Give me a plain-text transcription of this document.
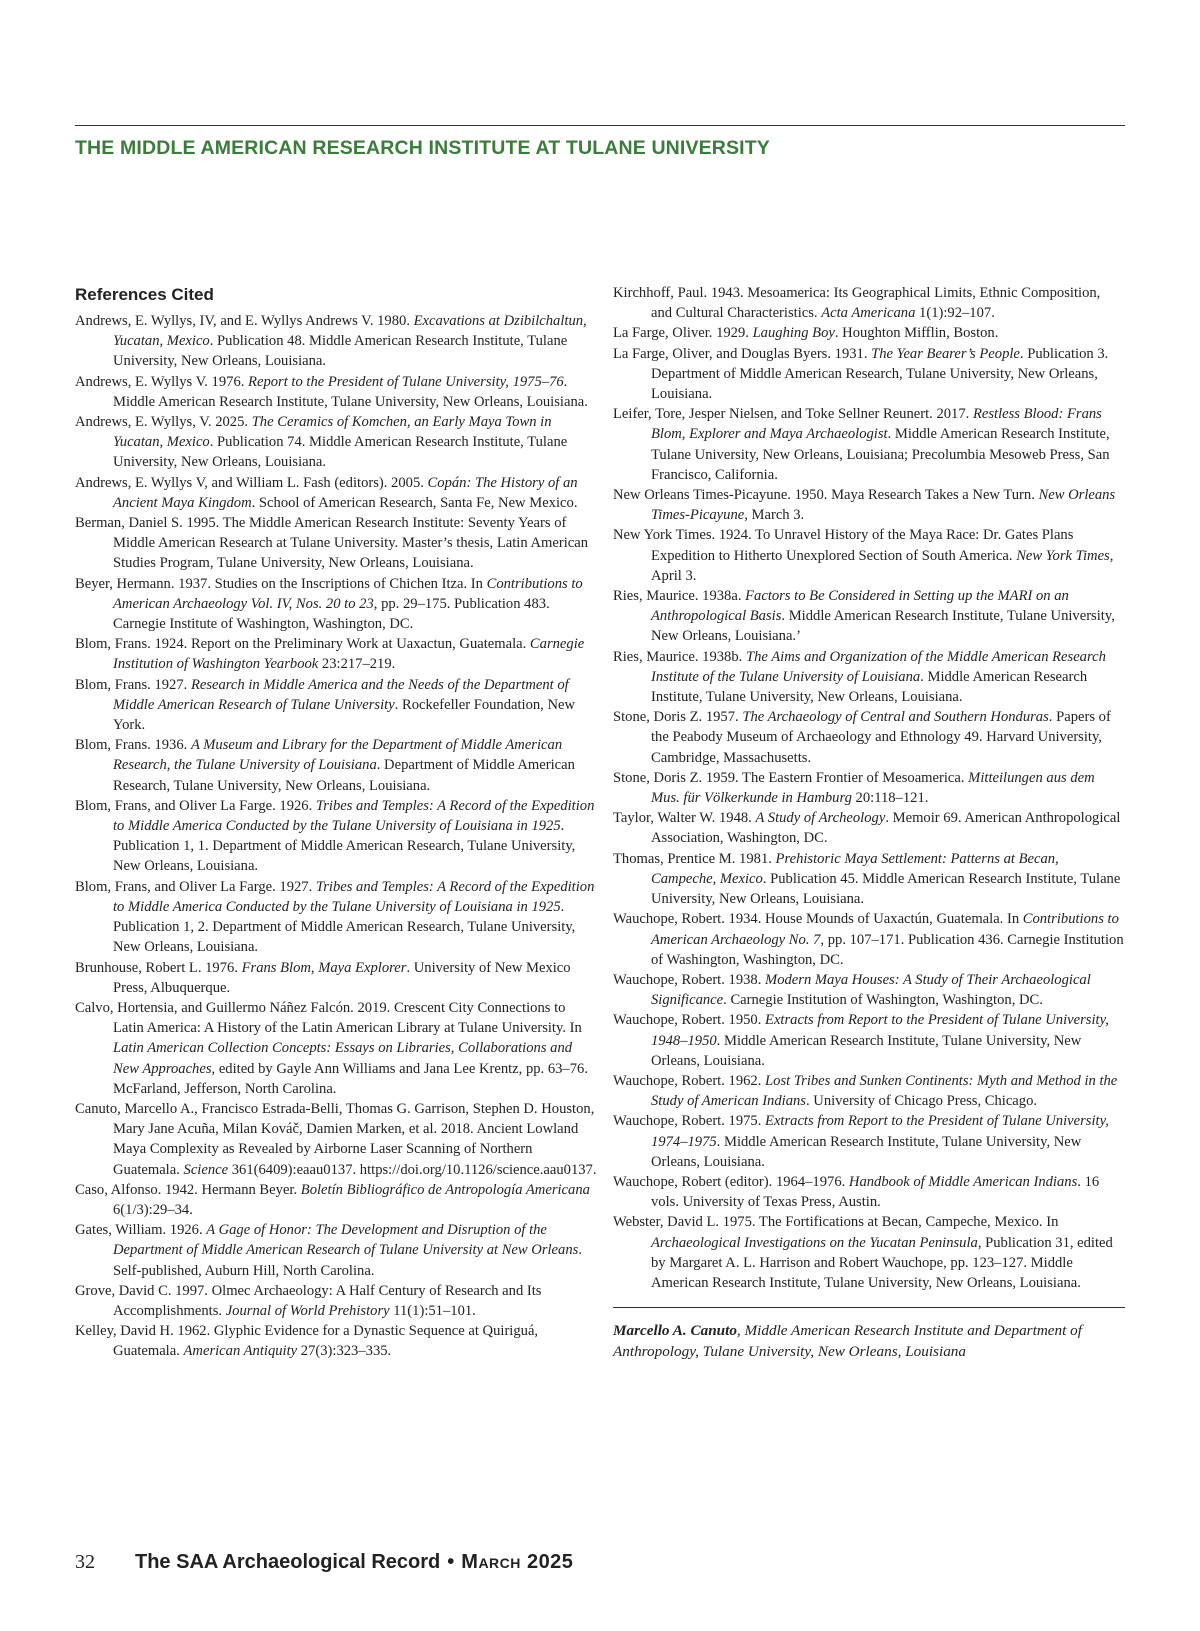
THE MIDDLE AMERICAN RESEARCH INSTITUTE AT TULANE UNIVERSITY
References Cited

Andrews, E. Wyllys, IV, and E. Wyllys Andrews V. 1980. Excavations at Dzibilchaltun, Yucatan, Mexico. Publication 48. Middle American Research Institute, Tulane University, New Orleans, Louisiana.

Andrews, E. Wyllys V. 1976. Report to the President of Tulane University, 1975–76. Middle American Research Institute, Tulane University, New Orleans, Louisiana.

Andrews, E. Wyllys, V. 2025. The Ceramics of Komchen, an Early Maya Town in Yucatan, Mexico. Publication 74. Middle American Research Institute, Tulane University, New Orleans, Louisiana.

Andrews, E. Wyllys V, and William L. Fash (editors). 2005. Copán: The History of an Ancient Maya Kingdom. School of American Research, Santa Fe, New Mexico.

Berman, Daniel S. 1995. The Middle American Research Institute: Seventy Years of Middle American Research at Tulane University. Master’s thesis, Latin American Studies Program, Tulane University, New Orleans, Louisiana.

Beyer, Hermann. 1937. Studies on the Inscriptions of Chichen Itza. In Contributions to American Archaeology Vol. IV, Nos. 20 to 23, pp. 29–175. Publication 483. Carnegie Institute of Washington, Washington, DC.

Blom, Frans. 1924. Report on the Preliminary Work at Uaxactun, Guatemala. Carnegie Institution of Washington Yearbook 23:217–219.

Blom, Frans. 1927. Research in Middle America and the Needs of the Department of Middle American Research of Tulane University. Rockefeller Foundation, New York.

Blom, Frans. 1936. A Museum and Library for the Department of Middle American Research, the Tulane University of Louisiana. Department of Middle American Research, Tulane University, New Orleans, Louisiana.

Blom, Frans, and Oliver La Farge. 1926. Tribes and Temples: A Record of the Expedition to Middle America Conducted by the Tulane University of Louisiana in 1925. Publication 1, 1. Department of Middle American Research, Tulane University, New Orleans, Louisiana.

Blom, Frans, and Oliver La Farge. 1927. Tribes and Temples: A Record of the Expedition to Middle America Conducted by the Tulane University of Louisiana in 1925. Publication 1, 2. Department of Middle American Research, Tulane University, New Orleans, Louisiana.

Brunhouse, Robert L. 1976. Frans Blom, Maya Explorer. University of New Mexico Press, Albuquerque.

Calvo, Hortensia, and Guillermo Náñez Falcón. 2019. Crescent City Connections to Latin America: A History of the Latin American Library at Tulane University. In Latin American Collection Concepts: Essays on Libraries, Collaborations and New Approaches, edited by Gayle Ann Williams and Jana Lee Krentz, pp. 63–76. McFarland, Jefferson, North Carolina.

Canuto, Marcello A., Francisco Estrada-Belli, Thomas G. Garrison, Stephen D. Houston, Mary Jane Acuña, Milan Kováč, Damien Marken, et al. 2018. Ancient Lowland Maya Complexity as Revealed by Airborne Laser Scanning of Northern Guatemala. Science 361(6409):eaau0137. https://doi.org/10.1126/science.aau0137.

Caso, Alfonso. 1942. Hermann Beyer. Boletín Bibliográfico de Antropología Americana 6(1/3):29–34.

Gates, William. 1926. A Gage of Honor: The Development and Disruption of the Department of Middle American Research of Tulane University at New Orleans. Self-published, Auburn Hill, North Carolina.

Grove, David C. 1997. Olmec Archaeology: A Half Century of Research and Its Accomplishments. Journal of World Prehistory 11(1):51–101.

Kelley, David H. 1962. Glyphic Evidence for a Dynastic Sequence at Quiriguá, Guatemala. American Antiquity 27(3):323–335.

Kirchhoff, Paul. 1943. Mesoamerica: Its Geographical Limits, Ethnic Composition, and Cultural Characteristics. Acta Americana 1(1):92–107.

La Farge, Oliver. 1929. Laughing Boy. Houghton Mifflin, Boston.

La Farge, Oliver, and Douglas Byers. 1931. The Year Bearer’s People. Publication 3. Department of Middle American Research, Tulane University, New Orleans, Louisiana.

Leifer, Tore, Jesper Nielsen, and Toke Sellner Reunert. 2017. Restless Blood: Frans Blom, Explorer and Maya Archaeologist. Middle American Research Institute, Tulane University, New Orleans, Louisiana; Precolumbia Mesoweb Press, San Francisco, California.

New Orleans Times-Picayune. 1950. Maya Research Takes a New Turn. New Orleans Times-Picayune, March 3.

New York Times. 1924. To Unravel History of the Maya Race: Dr. Gates Plans Expedition to Hitherto Unexplored Section of South America. New York Times, April 3.

Ries, Maurice. 1938a. Factors to Be Considered in Setting up the MARI on an Anthropological Basis. Middle American Research Institute, Tulane University, New Orleans, Louisiana.’

Ries, Maurice. 1938b. The Aims and Organization of the Middle American Research Institute of the Tulane University of Louisiana. Middle American Research Institute, Tulane University, New Orleans, Louisiana.

Stone, Doris Z. 1957. The Archaeology of Central and Southern Honduras. Papers of the Peabody Museum of Archaeology and Ethnology 49. Harvard University, Cambridge, Massachusetts.

Stone, Doris Z. 1959. The Eastern Frontier of Mesoamerica. Mitteilungen aus dem Mus. für Völkerkunde in Hamburg 20:118–121.

Taylor, Walter W. 1948. A Study of Archeology. Memoir 69. American Anthropological Association, Washington, DC.

Thomas, Prentice M. 1981. Prehistoric Maya Settlement: Patterns at Becan, Campeche, Mexico. Publication 45. Middle American Research Institute, Tulane University, New Orleans, Louisiana.

Wauchope, Robert. 1934. House Mounds of Uaxactún, Guatemala. In Contributions to American Archaeology No. 7, pp. 107–171. Publication 436. Carnegie Institution of Washington, Washington, DC.

Wauchope, Robert. 1938. Modern Maya Houses: A Study of Their Archaeological Significance. Carnegie Institution of Washington, Washington, DC.

Wauchope, Robert. 1950. Extracts from Report to the President of Tulane University, 1948–1950. Middle American Research Institute, Tulane University, New Orleans, Louisiana.

Wauchope, Robert. 1962. Lost Tribes and Sunken Continents: Myth and Method in the Study of American Indians. University of Chicago Press, Chicago.

Wauchope, Robert. 1975. Extracts from Report to the President of Tulane University, 1974–1975. Middle American Research Institute, Tulane University, New Orleans, Louisiana.

Wauchope, Robert (editor). 1964–1976. Handbook of Middle American Indians. 16 vols. University of Texas Press, Austin.

Webster, David L. 1975. The Fortifications at Becan, Campeche, Mexico. In Archaeological Investigations on the Yucatan Peninsula, Publication 31, edited by Margaret A. L. Harrison and Robert Wauchope, pp. 123–127. Middle American Research Institute, Tulane University, New Orleans, Louisiana.

Marcello A. Canuto, Middle American Research Institute and Department of Anthropology, Tulane University, New Orleans, Louisiana

32 The SAA Archaeological Record • March 2025
